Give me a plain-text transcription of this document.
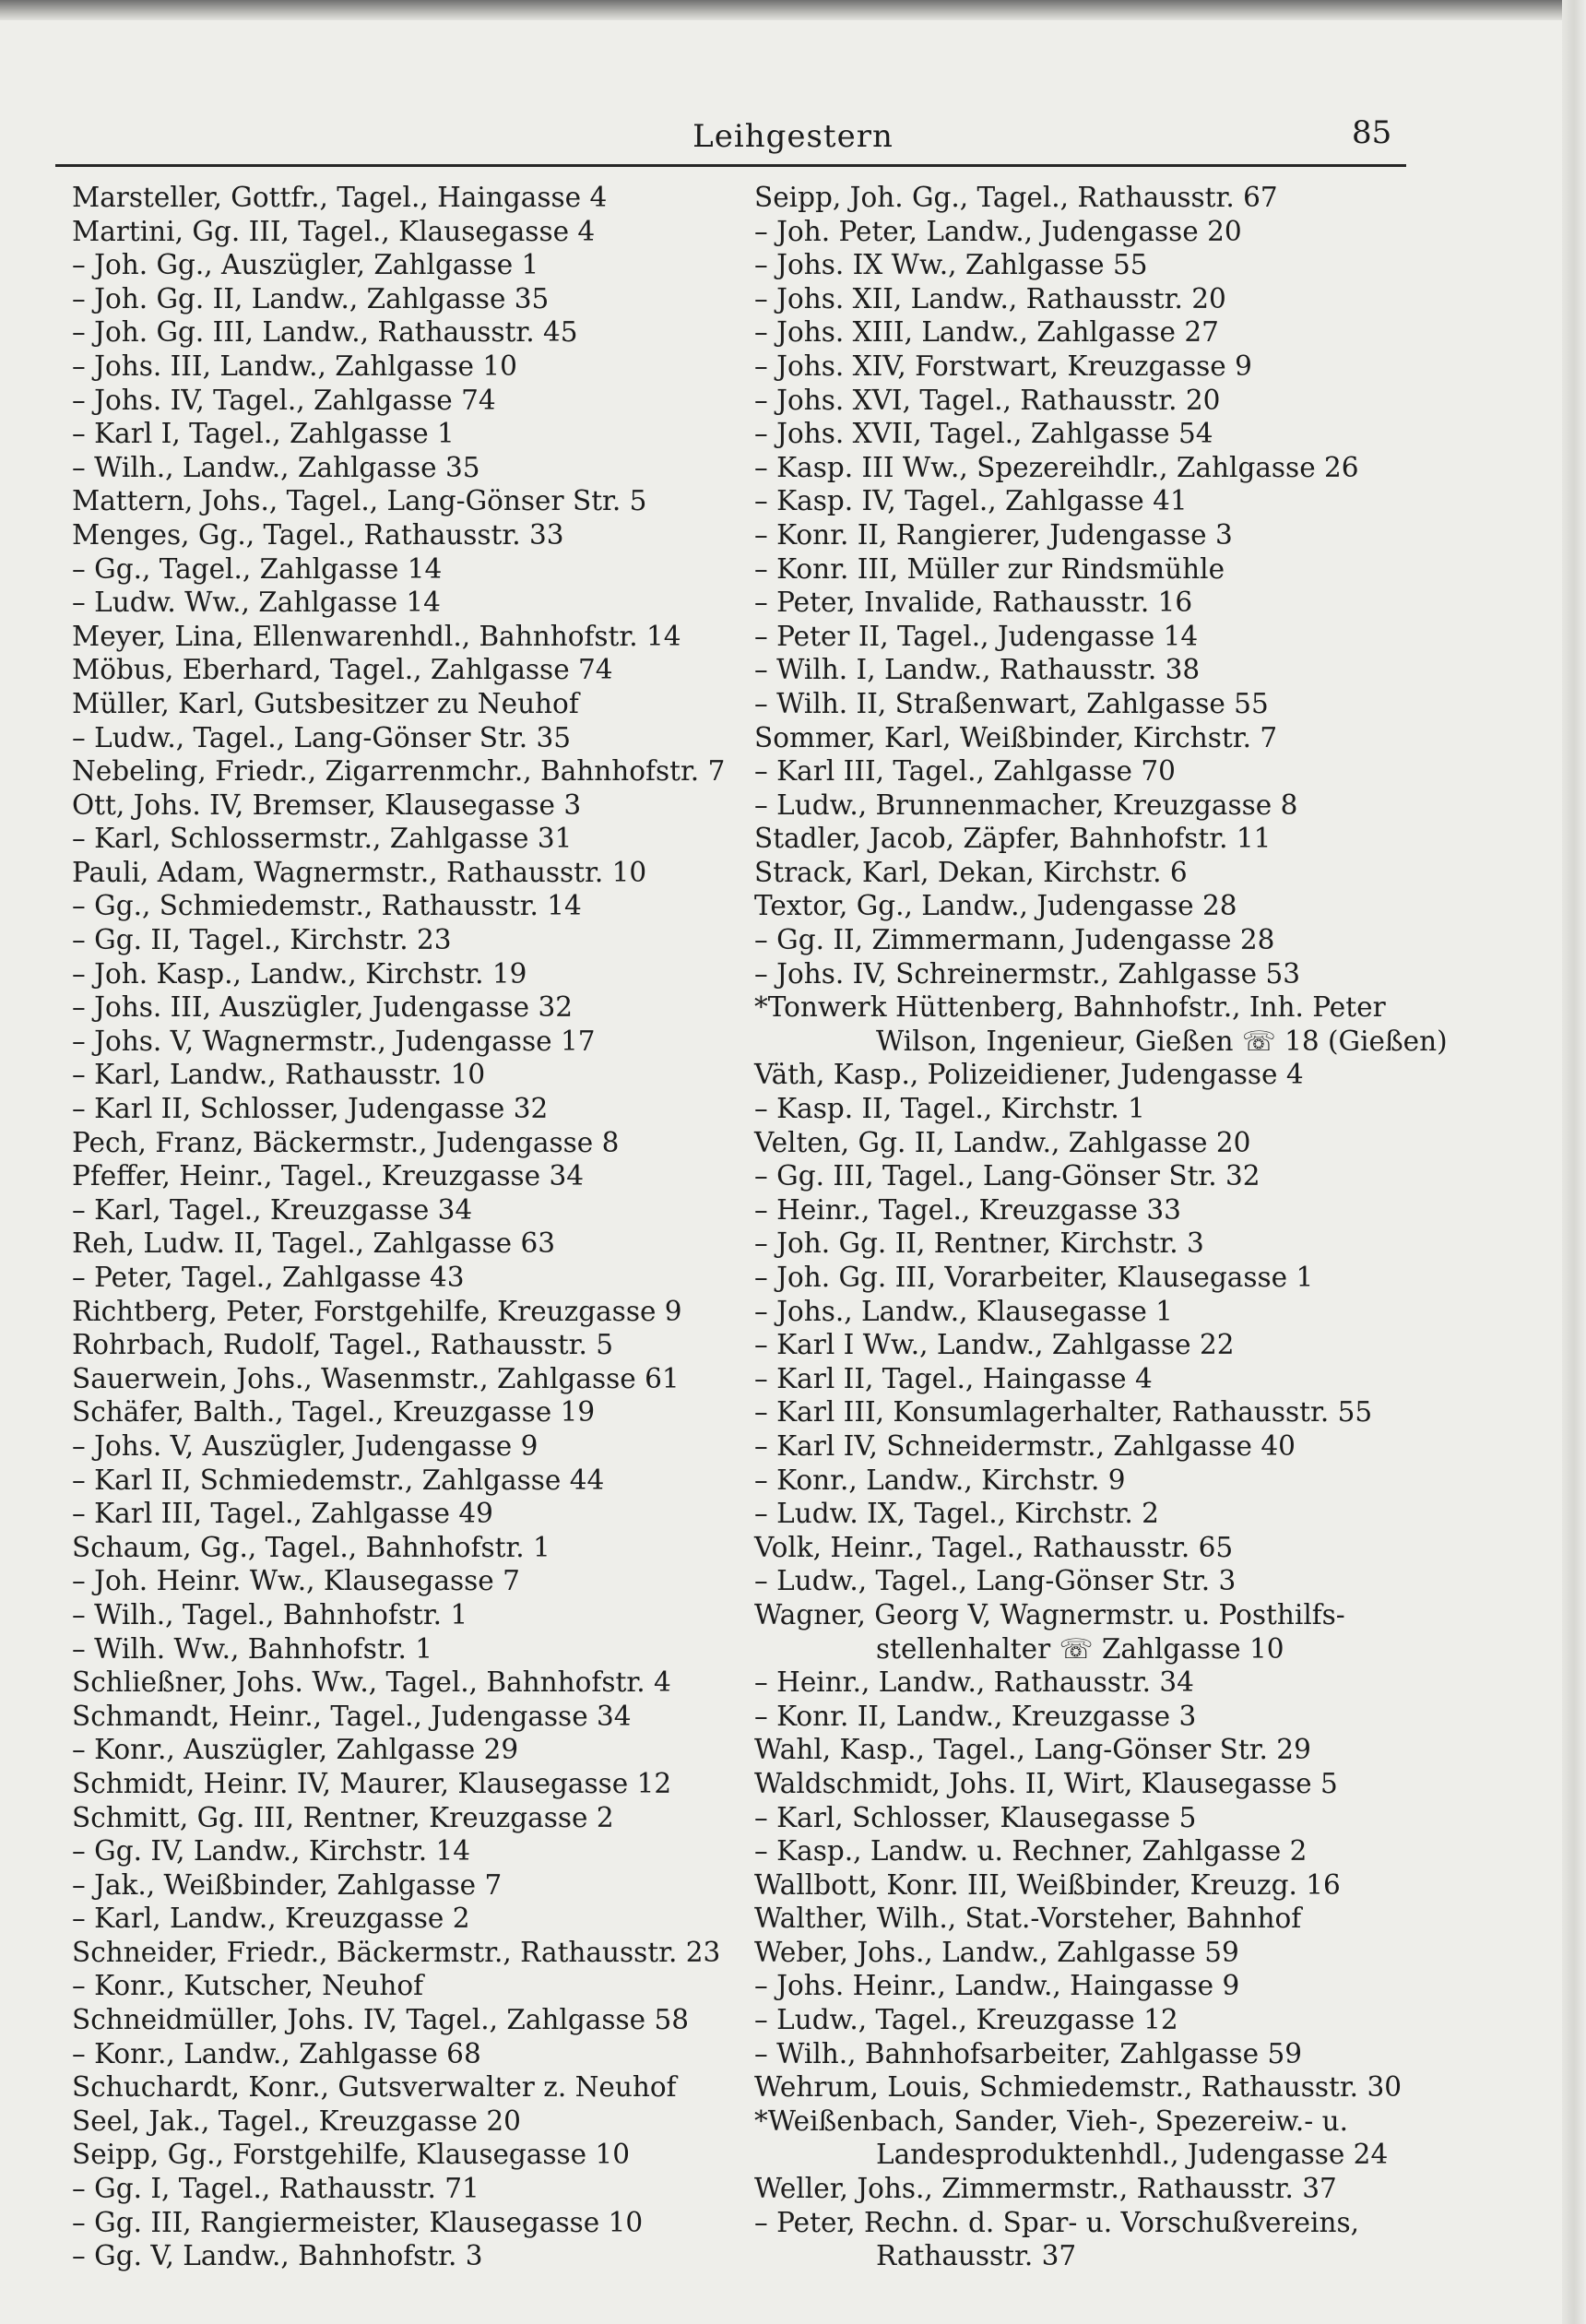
Leihgestern	85
Marsteller, Gottfr., Tagel., Haingasse 4
Martini, Gg. III, Tagel., Klausegasse 4
– Joh. Gg., Auszügler, Zahlgasse 1
– Joh. Gg. II, Landw., Zahlgasse 35
– Joh. Gg. III, Landw., Rathausstr. 45
– Johs. III, Landw., Zahlgasse 10
– Johs. IV, Tagel., Zahlgasse 74
– Karl I, Tagel., Zahlgasse 1
– Wilh., Landw., Zahlgasse 35
Mattern, Johs., Tagel., Lang-Gönser Str. 5
Menges, Gg., Tagel., Rathausstr. 33
– Gg., Tagel., Zahlgasse 14
– Ludw. Ww., Zahlgasse 14
Meyer, Lina, Ellenwarenhdl., Bahnhofstr. 14
Möbus, Eberhard, Tagel., Zahlgasse 74
Müller, Karl, Gutsbesitzer zu Neuhof
– Ludw., Tagel., Lang-Gönser Str. 35
Nebeling, Friedr., Zigarrenmchr., Bahnhofstr. 7
Ott, Johs. IV, Bremser, Klausegasse 3
– Karl, Schlossermstr., Zahlgasse 31
Pauli, Adam, Wagnermstr., Rathausstr. 10
– Gg., Schmiedemstr., Rathausstr. 14
– Gg. II, Tagel., Kirchstr. 23
– Joh. Kasp., Landw., Kirchstr. 19
– Johs. III, Auszügler, Judengasse 32
– Johs. V, Wagnermstr., Judengasse 17
– Karl, Landw., Rathausstr. 10
– Karl II, Schlosser, Judengasse 32
Pech, Franz, Bäckermstr., Judengasse 8
Pfeffer, Heinr., Tagel., Kreuzgasse 34
– Karl, Tagel., Kreuzgasse 34
Reh, Ludw. II, Tagel., Zahlgasse 63
– Peter, Tagel., Zahlgasse 43
Richtberg, Peter, Forstgehilfe, Kreuzgasse 9
Rohrbach, Rudolf, Tagel., Rathausstr. 5
Sauerwein, Johs., Wasenmstr., Zahlgasse 61
Schäfer, Balth., Tagel., Kreuzgasse 19
– Johs. V, Auszügler, Judengasse 9
– Karl II, Schmiedemstr., Zahlgasse 44
– Karl III, Tagel., Zahlgasse 49
Schaum, Gg., Tagel., Bahnhofstr. 1
– Joh. Heinr. Ww., Klausegasse 7
– Wilh., Tagel., Bahnhofstr. 1
– Wilh. Ww., Bahnhofstr. 1
Schließner, Johs. Ww., Tagel., Bahnhofstr. 4
Schmandt, Heinr., Tagel., Judengasse 34
– Konr., Auszügler, Zahlgasse 29
Schmidt, Heinr. IV, Maurer, Klausegasse 12
Schmitt, Gg. III, Rentner, Kreuzgasse 2
– Gg. IV, Landw., Kirchstr. 14
– Jak., Weißbinder, Zahlgasse 7
– Karl, Landw., Kreuzgasse 2
Schneider, Friedr., Bäckermstr., Rathausstr. 23
– Konr., Kutscher, Neuhof
Schneidmüller, Johs. IV, Tagel., Zahlgasse 58
– Konr., Landw., Zahlgasse 68
Schuchardt, Konr., Gutsverwalter z. Neuhof
Seel, Jak., Tagel., Kreuzgasse 20
Seipp, Gg., Forstgehilfe, Klausegasse 10
– Gg. I, Tagel., Rathausstr. 71
– Gg. III, Rangiermeister, Klausegasse 10
– Gg. V, Landw., Bahnhofstr. 3
Seipp, Joh. Gg., Tagel., Rathausstr. 67
– Joh. Peter, Landw., Judengasse 20
– Johs. IX Ww., Zahlgasse 55
– Johs. XII, Landw., Rathausstr. 20
– Johs. XIII, Landw., Zahlgasse 27
– Johs. XIV, Forstwart, Kreuzgasse 9
– Johs. XVI, Tagel., Rathausstr. 20
– Johs. XVII, Tagel., Zahlgasse 54
– Kasp. III Ww., Spezereihdlr., Zahlgasse 26
– Kasp. IV, Tagel., Zahlgasse 41
– Konr. II, Rangierer, Judengasse 3
– Konr. III, Müller zur Rindsmühle
– Peter, Invalide, Rathausstr. 16
– Peter II, Tagel., Judengasse 14
– Wilh. I, Landw., Rathausstr. 38
– Wilh. II, Straßenwart, Zahlgasse 55
Sommer, Karl, Weißbinder, Kirchstr. 7
– Karl III, Tagel., Zahlgasse 70
– Ludw., Brunnenmacher, Kreuzgasse 8
Stadler, Jacob, Zäpfer, Bahnhofstr. 11
Strack, Karl, Dekan, Kirchstr. 6
Textor, Gg., Landw., Judengasse 28
– Gg. II, Zimmermann, Judengasse 28
– Johs. IV, Schreinermstr., Zahlgasse 53
*Tonwerk Hüttenberg, Bahnhofstr., Inh. Peter
Wilson, Ingenieur, Gießen ☏ 18 (Gießen)
Väth, Kasp., Polizeidiener, Judengasse 4
– Kasp. II, Tagel., Kirchstr. 1
Velten, Gg. II, Landw., Zahlgasse 20
– Gg. III, Tagel., Lang-Gönser Str. 32
– Heinr., Tagel., Kreuzgasse 33
– Joh. Gg. II, Rentner, Kirchstr. 3
– Joh. Gg. III, Vorarbeiter, Klausegasse 1
– Johs., Landw., Klausegasse 1
– Karl I Ww., Landw., Zahlgasse 22
– Karl II, Tagel., Haingasse 4
– Karl III, Konsumlagerhalter, Rathausstr. 55
– Karl IV, Schneidermstr., Zahlgasse 40
– Konr., Landw., Kirchstr. 9
– Ludw. IX, Tagel., Kirchstr. 2
Volk, Heinr., Tagel., Rathausstr. 65
– Ludw., Tagel., Lang-Gönser Str. 3
Wagner, Georg V, Wagnermstr. u. Posthilfs-
stellenhalter ☏ Zahlgasse 10
– Heinr., Landw., Rathausstr. 34
– Konr. II, Landw., Kreuzgasse 3
Wahl, Kasp., Tagel., Lang-Gönser Str. 29
Waldschmidt, Johs. II, Wirt, Klausegasse 5
– Karl, Schlosser, Klausegasse 5
– Kasp., Landw. u. Rechner, Zahlgasse 2
Wallbott, Konr. III, Weißbinder, Kreuzg. 16
Walther, Wilh., Stat.-Vorsteher, Bahnhof
Weber, Johs., Landw., Zahlgasse 59
– Johs. Heinr., Landw., Haingasse 9
– Ludw., Tagel., Kreuzgasse 12
– Wilh., Bahnhofsarbeiter, Zahlgasse 59
Wehrum, Louis, Schmiedemstr., Rathausstr. 30
*Weißenbach, Sander, Vieh-, Spezereiw.- u.
Landesproduktenhdl., Judengasse 24
Weller, Johs., Zimmermstr., Rathausstr. 37
– Peter, Rechn. d. Spar- u. Vorschußvereins,
Rathausstr. 37
